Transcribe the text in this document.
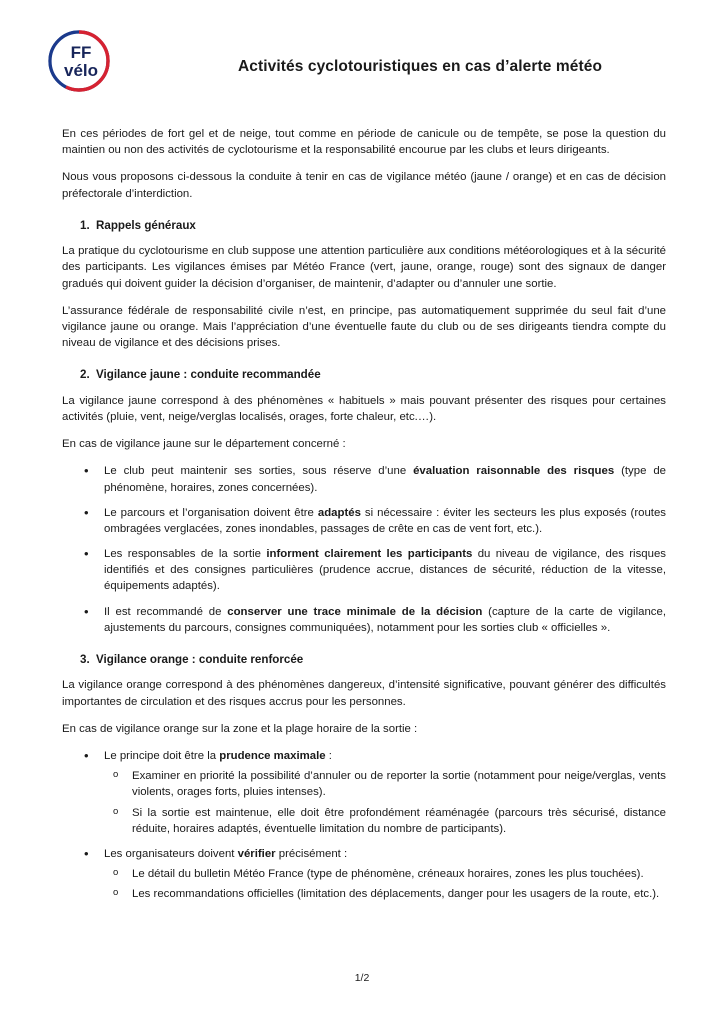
FF
vélo	Activités cyclotouristiques en cas d’alerte météo

En ces périodes de fort gel et de neige, tout comme en période de canicule ou de tempête, se pose la question du maintien ou non des activités de cyclotourisme et la responsabilité encourue par les clubs et leurs dirigeants.

Nous vous proposons ci-dessous la conduite à tenir en cas de vigilance météo (jaune / orange) et en cas de décision préfectorale d’interdiction.

1. Rappels généraux

La pratique du cyclotourisme en club suppose une attention particulière aux conditions météorologiques et à la sécurité des participants. Les vigilances émises par Météo France (vert, jaune, orange, rouge) sont des signaux de danger gradués qui doivent guider la décision d’organiser, de maintenir, d’adapter ou d’annuler une sortie.

L’assurance fédérale de responsabilité civile n’est, en principe, pas automatiquement supprimée du seul fait d’une vigilance jaune ou orange. Mais l’appréciation d’une éventuelle faute du club ou de ses dirigeants tiendra compte du niveau de vigilance et des décisions prises.

2. Vigilance jaune : conduite recommandée

La vigilance jaune correspond à des phénomènes « habituels » mais pouvant présenter des risques pour certaines activités (pluie, vent, neige/verglas localisés, orages, forte chaleur, etc.…).

En cas de vigilance jaune sur le département concerné :

• Le club peut maintenir ses sorties, sous réserve d’une évaluation raisonnable des risques (type de phénomène, horaires, zones concernées).
• Le parcours et l’organisation doivent être adaptés si nécessaire : éviter les secteurs les plus exposés (routes ombragées verglacées, zones inondables, passages de crête en cas de vent fort, etc.).
• Les responsables de la sortie informent clairement les participants du niveau de vigilance, des risques identifiés et des consignes particulières (prudence accrue, distances de sécurité, réduction de la vitesse, équipements adaptés).
• Il est recommandé de conserver une trace minimale de la décision (capture de la carte de vigilance, ajustements du parcours, consignes communiquées), notamment pour les sorties club « officielles ».
3. Vigilance orange : conduite renforcée

La vigilance orange correspond à des phénomènes dangereux, d’intensité significative, pouvant générer des difficultés importantes de circulation et des risques accrus pour les personnes.

En cas de vigilance orange sur la zone et la plage horaire de la sortie :

• Le principe doit être la prudence maximale :
o Examiner en priorité la possibilité d’annuler ou de reporter la sortie (notamment pour neige/verglas, vents violents, orages forts, pluies intenses).
o Si la sortie est maintenue, elle doit être profondément réaménagée (parcours très sécurisé, distance réduite, horaires adaptés, éventuelle limitation du nombre de participants).
• Les organisateurs doivent vérifier précisément :
o Le détail du bulletin Météo France (type de phénomène, créneaux horaires, zones les plus touchées).
o Les recommandations officielles (limitation des déplacements, danger pour les usagers de la route, etc.).
1/2
